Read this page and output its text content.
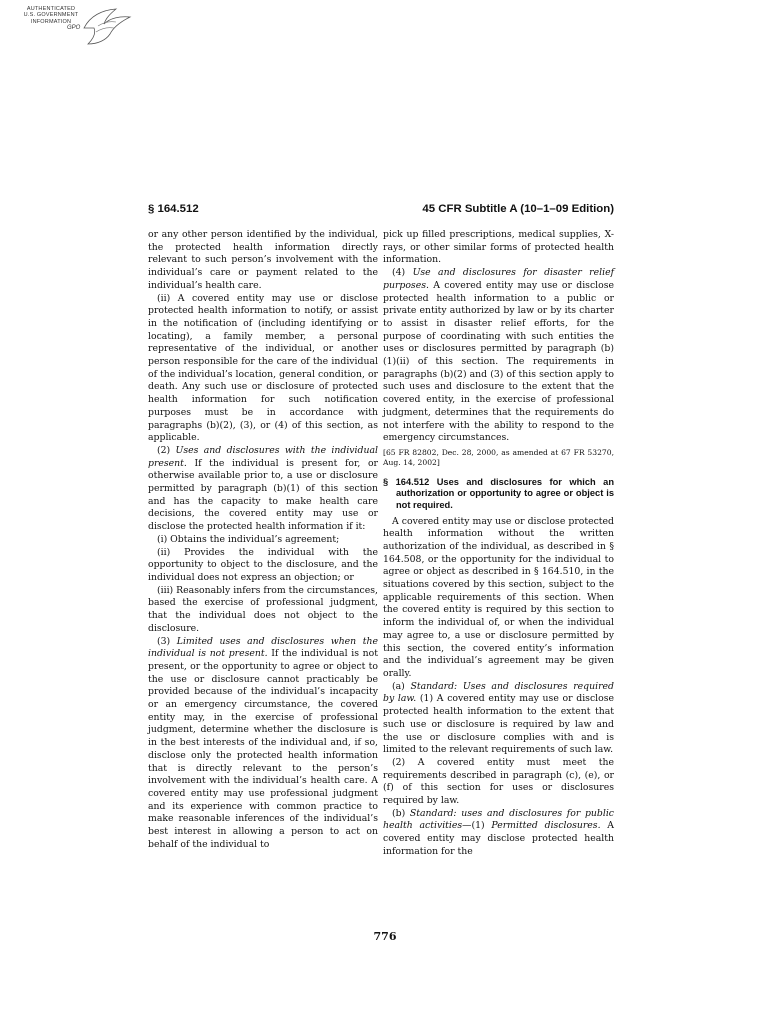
AUTHENTICATED
U.S. GOVERNMENT
INFORMATION
GPO
§ 164.512	45 CFR Subtitle A (10–1–09 Edition)

or any other person identified by the individual, the protected health information directly relevant to such person’s involvement with the individual’s care or payment related to the individual’s health care.

(ii) A covered entity may use or disclose protected health information to notify, or assist in the notification of (including identifying or locating), a family member, a personal representative of the individual, or another person responsible for the care of the individual of the individual’s location, general condition, or death. Any such use or disclosure of protected health information for such notification purposes must be in accordance with paragraphs (b)(2), (3), or (4) of this section, as applicable.

(2) Uses and disclosures with the individual present. If the individual is present for, or otherwise available prior to, a use or disclosure permitted by paragraph (b)(1) of this section and has the capacity to make health care decisions, the covered entity may use or disclose the protected health information if it:

(i) Obtains the individual’s agreement;

(ii) Provides the individual with the opportunity to object to the disclosure, and the individual does not express an objection; or

(iii) Reasonably infers from the circumstances, based the exercise of professional judgment, that the individual does not object to the disclosure.

(3) Limited uses and disclosures when the individual is not present. If the individual is not present, or the opportunity to agree or object to the use or disclosure cannot practicably be provided because of the individual’s incapacity or an emergency circumstance, the covered entity may, in the exercise of professional judgment, determine whether the disclosure is in the best interests of the individual and, if so, disclose only the protected health information that is directly relevant to the person’s involvement with the individual’s health care. A covered entity may use professional judgment and its experience with common practice to make reasonable inferences of the individual’s best interest in allowing a person to act on behalf of the individual to

pick up filled prescriptions, medical supplies, X-rays, or other similar forms of protected health information.

(4) Use and disclosures for disaster relief purposes. A covered entity may use or disclose protected health information to a public or private entity authorized by law or by its charter to assist in disaster relief efforts, for the purpose of coordinating with such entities the uses or disclosures permitted by paragraph (b)(1)(ii) of this section. The requirements in paragraphs (b)(2) and (3) of this section apply to such uses and disclosure to the extent that the covered entity, in the exercise of professional judgment, determines that the requirements do not interfere with the ability to respond to the emergency circumstances.

[65 FR 82802, Dec. 28, 2000, as amended at 67 FR 53270, Aug. 14, 2002]

§ 164.512 Uses and disclosures for which an authorization or opportunity to agree or object is not required.

A covered entity may use or disclose protected health information without the written authorization of the individual, as described in § 164.508, or the opportunity for the individual to agree or object as described in § 164.510, in the situations covered by this section, subject to the applicable requirements of this section. When the covered entity is required by this section to inform the individual of, or when the individual may agree to, a use or disclosure permitted by this section, the covered entity’s information and the individual’s agreement may be given orally.

(a) Standard: Uses and disclosures required by law. (1) A covered entity may use or disclose protected health information to the extent that such use or disclosure is required by law and the use or disclosure complies with and is limited to the relevant requirements of such law.

(2) A covered entity must meet the requirements described in paragraph (c), (e), or (f) of this section for uses or disclosures required by law.

(b) Standard: uses and disclosures for public health activities—(1) Permitted disclosures. A covered entity may disclose protected health information for the

776
